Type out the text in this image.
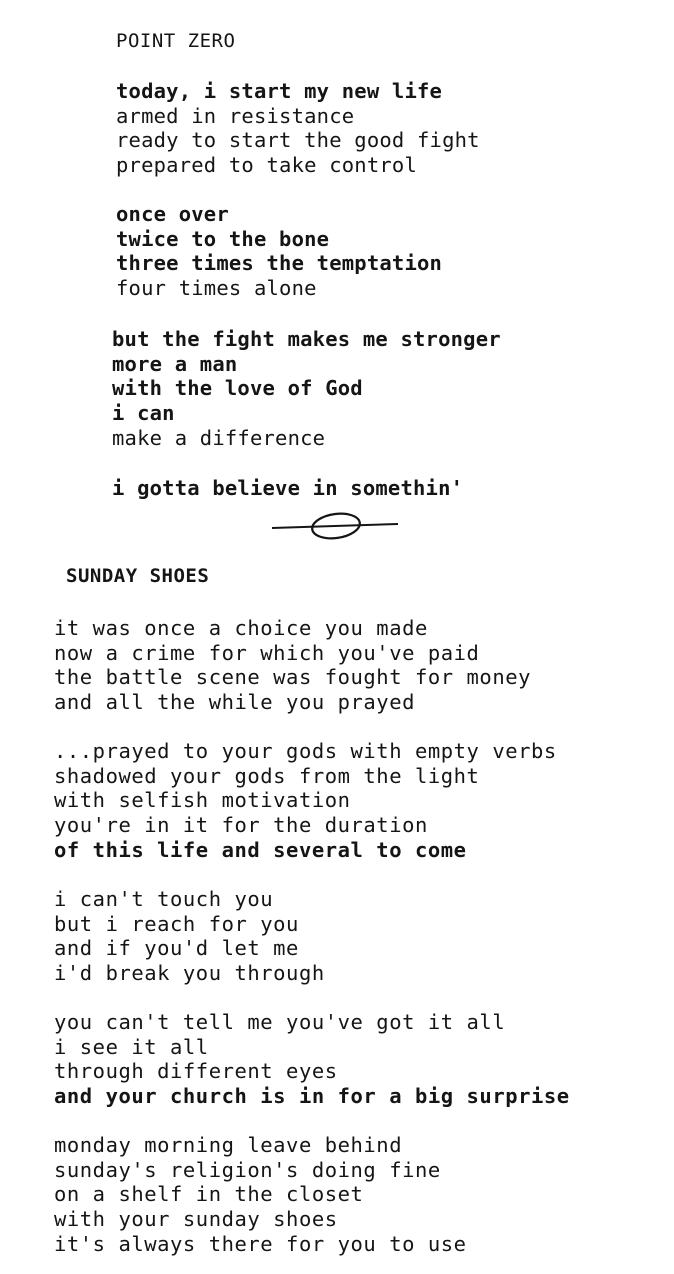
POINT ZERO
today, i start my new life
armed in resistance
ready to start the good fight
prepared to take control
once over
twice to the bone
three times the temptation
four times alone
but the fight makes me stronger
more a man
with the love of God
i can
make a difference
i gotta believe in somethin'
SUNDAY SHOES
it was once a choice you made
now a crime for which you've paid
the battle scene was fought for money
and all the while you prayed
...prayed to your gods with empty verbs
shadowed your gods from the light
with selfish motivation
you're in it for the duration
of this life and several to come
i can't touch you
but i reach for you
and if you'd let me
i'd break you through
you can't tell me you've got it all
i see it all
through different eyes
and your church is in for a big surprise
monday morning leave behind
sunday's religion's doing fine
on a shelf in the closet
with your sunday shoes
it's always there for you to use
